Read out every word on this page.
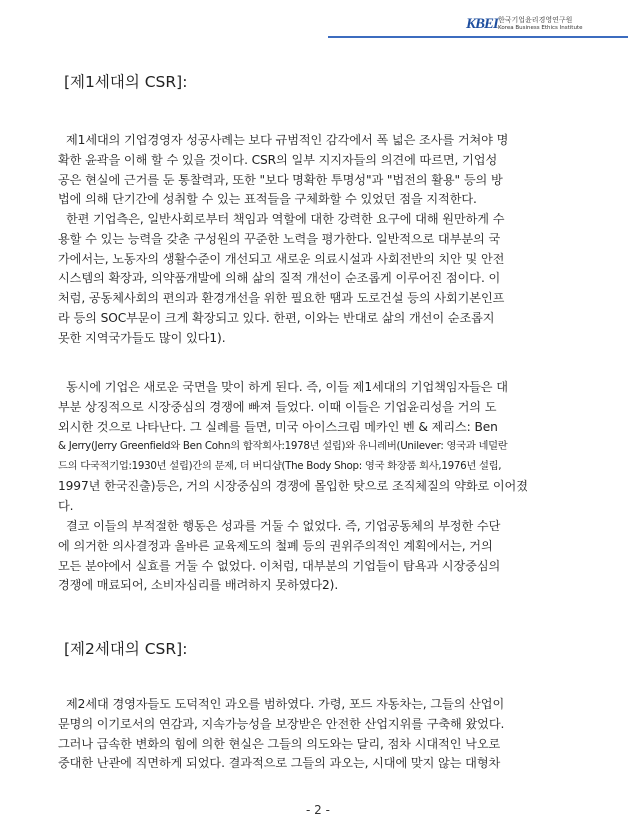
KBEI 한국기업윤리경영연구원
Korea Business Ethics Institute
[제1세대의 CSR]:
제1세대의 기업경영자 성공사례는 보다 규범적인 감각에서 폭 넓은 조사를 거쳐야 명
확한 윤곽을 이해 할 수 있을 것이다. CSR의 일부 지지자들의 의견에 따르면, 기업성
공은 현실에 근거를 둔 통찰력과, 또한 "보다 명확한 투명성"과 "법전의 활용" 등의 방
법에 의해 단기간에 성취할 수 있는 표적들을 구체화할 수 있었던 점을 지적한다.
한편 기업측은, 일반사회로부터 책임과 역할에 대한 강력한 요구에 대해 원만하게 수
용할 수 있는 능력을 갖춘 구성원의 꾸준한 노력을 평가한다. 일반적으로 대부분의 국
가에서는, 노동자의 생활수준이 개선되고 새로운 의료시설과 사회전반의 치안 및 안전
시스템의 확장과, 의약품개발에 의해 삶의 질적 개선이 순조롭게 이루어진 점이다. 이
처럼, 공동체사회의 편의과 환경개선을 위한 필요한 땜과 도로건설 등의 사회기본인프
라 등의 SOC부문이 크게 확장되고 있다. 한편, 이와는 반대로 삶의 개선이 순조롭지
못한 지역국가들도 많이 있다1).
동시에 기업은 새로운 국면을 맞이 하게 된다. 즉, 이들 제1세대의 기업책임자들은 대
부분 상징적으로 시장중심의 경쟁에 빠져 들었다. 이때 이들은 기업윤리성을 거의 도
외시한 것으로 나타난다. 그 실례를 들면, 미국 아이스크림 메카인 벤 & 제리스: Ben
& Jerry(Jerry Greenfield와 Ben Cohn의 합작회사:1978년 설립)와 유니레버(Unilever: 영국과 네덜란
드의 다국적기업:1930년 설립)간의 문제, 더 버디샵(The Body Shop: 영국 화장품 회사,1976년 설립,
1997년 한국진출)등은, 거의 시장중심의 경쟁에 몰입한 탓으로 조직체질의 약화로 이어졌
다.
결코 이들의 부적절한 행동은 성과를 거둘 수 없었다. 즉, 기업공동체의 부정한 수단
에 의거한 의사결정과 올바른 교육제도의 철폐 등의 권위주의적인 계획에서는, 거의
모든 분야에서 실효를 거둘 수 없었다. 이처럼, 대부분의 기업들이 탐욕과 시장중심의
경쟁에 매료되어, 소비자심리를 배려하지 못하였다2).
[제2세대의 CSR]:
제2세대 경영자들도 도덕적인 과오를 범하였다. 가령, 포드 자동차는, 그들의 산업이
문명의 이기로서의 연감과, 지속가능성을 보장받은 안전한 산업지위를 구축해 왔었다.
그러나 급속한 변화의 힘에 의한 현실은 그들의 의도와는 달리, 점차 시대적인 낙오로
중대한 난관에 직면하게 되었다. 결과적으로 그들의 과오는, 시대에 맞지 않는 대형차
- 2 -
